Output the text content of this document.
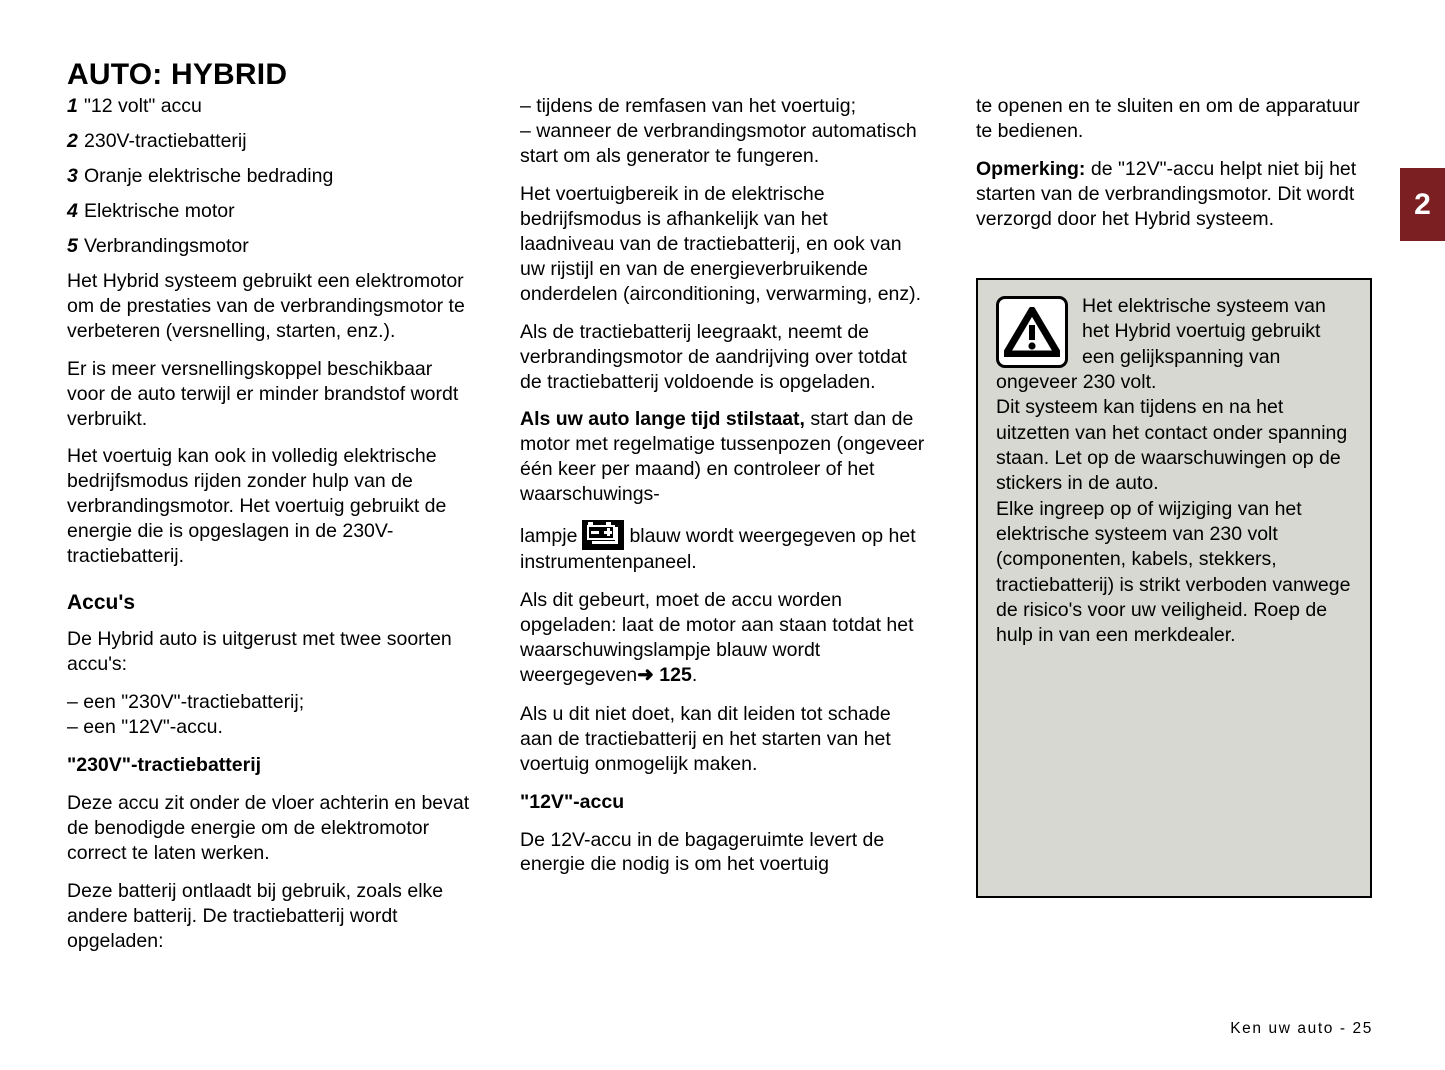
AUTO: HYBRID
2
1 "12 volt" accu
2 230V-tractiebatterij
3 Oranje elektrische bedrading
4 Elektrische motor
5 Verbrandingsmotor

Het Hybrid systeem gebruikt een elektromotor om de prestaties van de verbrandingsmotor te verbeteren (versnelling, starten, enz.).

Er is meer versnellingskoppel beschikbaar voor de auto terwijl er minder brandstof wordt verbruikt.

Het voertuig kan ook in volledig elektrische bedrijfsmodus rijden zonder hulp van de verbrandingsmotor. Het voertuig gebruikt de energie die is opgeslagen in de 230V-tractiebatterij.

Accu's

De Hybrid auto is uitgerust met twee soorten accu's:

– een "230V"-tractiebatterij;

– een "12V"-accu.

"230V"-tractiebatterij

Deze accu zit onder de vloer achterin en bevat de benodigde energie om de elektromotor correct te laten werken.

Deze batterij ontlaadt bij gebruik, zoals elke andere batterij. De tractiebatterij wordt opgeladen:

– tijdens de remfasen van het voertuig;

– wanneer de verbrandingsmotor automatisch start om als generator te fungeren.

Het voertuigbereik in de elektrische bedrijfsmodus is afhankelijk van het laadniveau van de tractiebatterij, en ook van uw rijstijl en van de energieverbruikende onderdelen (airconditioning, verwarming, enz).

Als de tractiebatterij leegraakt, neemt de verbrandingsmotor de aandrijving over totdat de tractiebatterij voldoende is opgeladen.

Als uw auto lange tijd stilstaat, start dan de motor met regelmatige tussenpozen (ongeveer één keer per maand) en controleer of het waarschuwings-

lampje	blauw wordt weergegeven op het instrumentenpaneel.

Als dit gebeurt, moet de accu worden opgeladen: laat de motor aan staan totdat het waarschuwingslampje blauw wordt weergegeven➜ 125.

Als u dit niet doet, kan dit leiden tot schade aan de tractiebatterij en het starten van het voertuig onmogelijk maken.

"12V"-accu

De 12V-accu in de bagageruimte levert de energie die nodig is om het voertuig

te openen en te sluiten en om de apparatuur te bedienen.

Opmerking: de "12V"-accu helpt niet bij het starten van de verbrandingsmotor. Dit wordt verzorgd door het Hybrid systeem.

Het elektrische systeem van het Hybrid voertuig gebruikt een gelijkspanning van ongeveer 230 volt.

Dit systeem kan tijdens en na het uitzetten van het contact onder spanning staan. Let op de waarschuwingen op de stickers in de auto.

Elke ingreep op of wijziging van het elektrische systeem van 230 volt (componenten, kabels, stekkers, tractiebatterij) is strikt verboden vanwege de risico's voor uw veiligheid. Roep de hulp in van een merkdealer.

Ken uw auto - 25
